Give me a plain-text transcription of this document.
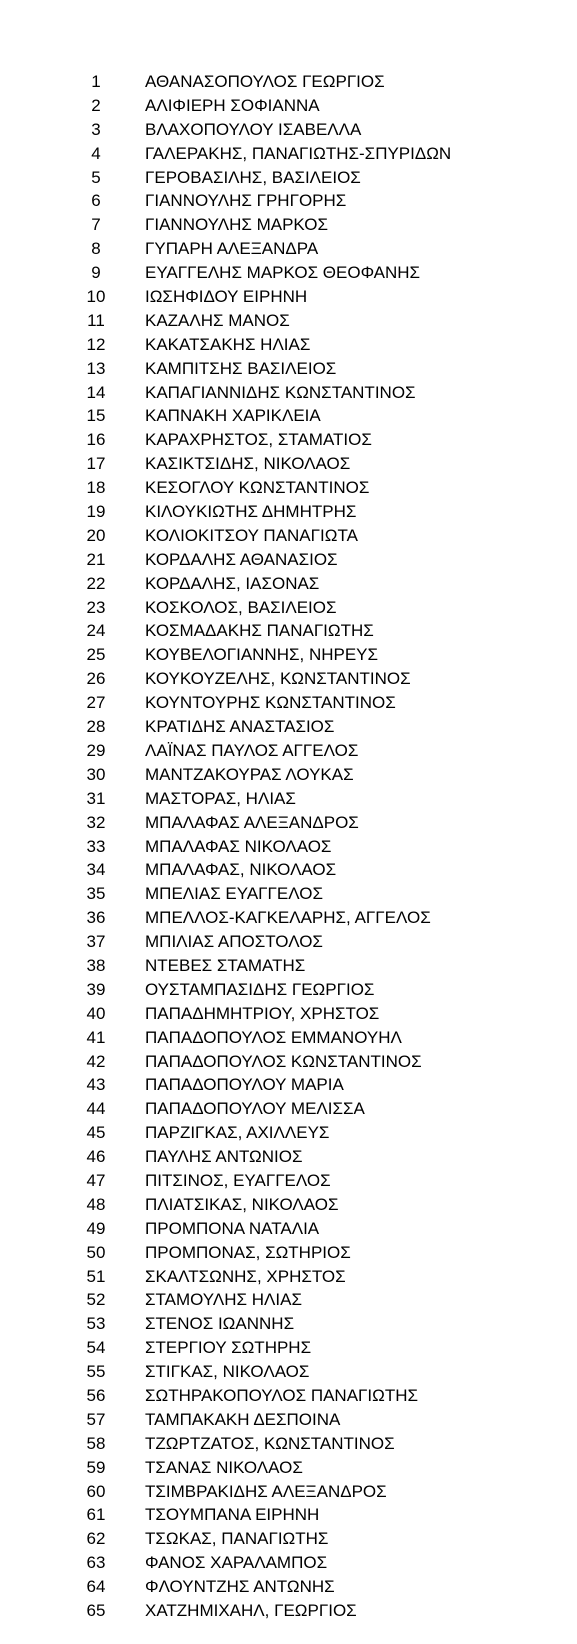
1	ΑΘΑΝΑΣΟΠΟΥΛΟΣ ΓΕΩΡΓΙΟΣ
2	ΑΛΙΦΙΕΡΗ ΣΟΦΙΑΝΝΑ
3	ΒΛΑΧΟΠΟΥΛΟΥ ΙΣΑΒΕΛΛΑ
4	ΓΑΛΕΡΑΚΗΣ, ΠΑΝΑΓΙΩΤΗΣ-ΣΠΥΡΙΔΩΝ
5	ΓΕΡΟΒΑΣΙΛΗΣ, ΒΑΣΙΛΕΙΟΣ
6	ΓΙΑΝΝΟΥΛΗΣ ΓΡΗΓΟΡΗΣ
7	ΓΙΑΝΝΟΥΛΗΣ ΜΑΡΚΟΣ
8	ΓΥΠΑΡΗ ΑΛΕΞΑΝΔΡΑ
9	ΕΥΑΓΓΕΛΗΣ ΜΑΡΚΟΣ ΘΕΟΦΑΝΗΣ
10	ΙΩΣΗΦΙΔΟΥ ΕΙΡΗΝΗ
11	ΚΑΖΑΛΗΣ ΜΑΝΟΣ
12	ΚΑΚΑΤΣΑΚΗΣ ΗΛΙΑΣ
13	ΚΑΜΠΙΤΣΗΣ ΒΑΣΙΛΕΙΟΣ
14	ΚΑΠΑΓΙΑΝΝΙΔΗΣ ΚΩΝΣΤΑΝΤΙΝΟΣ
15	ΚΑΠΝΑΚΗ ΧΑΡΙΚΛΕΙΑ
16	ΚΑΡΑΧΡΗΣΤΟΣ, ΣΤΑΜΑΤΙΟΣ
17	ΚΑΣΙΚΤΣΙΔΗΣ, ΝΙΚΟΛΑΟΣ
18	ΚΕΣΟΓΛΟΥ ΚΩΝΣΤΑΝΤΙΝΟΣ
19	ΚΙΛΟΥΚΙΩΤΗΣ ΔΗΜΗΤΡΗΣ
20	ΚΟΛΙΟΚΙΤΣΟΥ ΠΑΝΑΓΙΩΤΑ
21	ΚΟΡΔΑΛΗΣ ΑΘΑΝΑΣΙΟΣ
22	ΚΟΡΔΑΛΗΣ, ΙΑΣΟΝΑΣ
23	ΚΟΣΚΟΛΟΣ, ΒΑΣΙΛΕΙΟΣ
24	ΚΟΣΜΑΔΑΚΗΣ ΠΑΝΑΓΙΩΤΗΣ
25	ΚΟΥΒΕΛΟΓΙΑΝΝΗΣ, ΝΗΡΕΥΣ
26	ΚΟΥΚΟΥΖΕΛΗΣ, ΚΩΝΣΤΑΝΤΙΝΟΣ
27	ΚΟΥΝΤΟΥΡΗΣ ΚΩΝΣΤΑΝΤΙΝΟΣ
28	ΚΡΑΤΙΔΗΣ ΑΝΑΣΤΑΣΙΟΣ
29	ΛΑΪΝΑΣ ΠΑΥΛΟΣ ΑΓΓΕΛΟΣ
30	ΜΑΝΤΖΑΚΟΥΡΑΣ ΛΟΥΚΑΣ
31	ΜΑΣΤΟΡΑΣ, ΗΛΙΑΣ
32	ΜΠΑΛΑΦΑΣ ΑΛΕΞΑΝΔΡΟΣ
33	ΜΠΑΛΑΦΑΣ ΝΙΚΟΛΑΟΣ
34	ΜΠΑΛΑΦΑΣ, ΝΙΚΟΛΑΟΣ
35	ΜΠΕΛΙΑΣ ΕΥΑΓΓΕΛΟΣ
36	ΜΠΕΛΛΟΣ-ΚΑΓΚΕΛΑΡΗΣ, ΑΓΓΕΛΟΣ
37	ΜΠΙΛΙΑΣ ΑΠΟΣΤΟΛΟΣ
38	ΝΤΕΒΕΣ ΣΤΑΜΑΤΗΣ
39	ΟΥΣΤΑΜΠΑΣΙΔΗΣ ΓΕΩΡΓΙΟΣ
40	ΠΑΠΑΔΗΜΗΤΡΙΟΥ, ΧΡΗΣΤΟΣ
41	ΠΑΠΑΔΟΠΟΥΛΟΣ ΕΜΜΑΝΟΥΗΛ
42	ΠΑΠΑΔΟΠΟΥΛΟΣ ΚΩΝΣΤΑΝΤΙΝΟΣ
43	ΠΑΠΑΔΟΠΟΥΛΟΥ ΜΑΡΙΑ
44	ΠΑΠΑΔΟΠΟΥΛΟΥ ΜΕΛΙΣΣΑ
45	ΠΑΡΖΙΓΚΑΣ, ΑΧΙΛΛΕΥΣ
46	ΠΑΥΛΗΣ ΑΝΤΩΝΙΟΣ
47	ΠΙΤΣΙΝΟΣ, ΕΥΑΓΓΕΛΟΣ
48	ΠΛΙΑΤΣΙΚΑΣ, ΝΙΚΟΛΑΟΣ
49	ΠΡΟΜΠΟΝΑ ΝΑΤΑΛΙΑ
50	ΠΡΟΜΠΟΝΑΣ, ΣΩΤΗΡΙΟΣ
51	ΣΚΑΛΤΣΩΝΗΣ, ΧΡΗΣΤΟΣ
52	ΣΤΑΜΟΥΛΗΣ ΗΛΙΑΣ
53	ΣΤΕΝΟΣ ΙΩΑΝΝΗΣ
54	ΣΤΕΡΓΙΟΥ ΣΩΤΗΡΗΣ
55	ΣΤΙΓΚΑΣ, ΝΙΚΟΛΑΟΣ
56	ΣΩΤΗΡΑΚΟΠΟΥΛΟΣ ΠΑΝΑΓΙΩΤΗΣ
57	ΤΑΜΠΑΚΑΚΗ ΔΕΣΠΟΙΝΑ
58	ΤΖΩΡΤΖΑΤΟΣ, ΚΩΝΣΤΑΝΤΙΝΟΣ
59	ΤΣΑΝΑΣ ΝΙΚΟΛΑΟΣ
60	ΤΣΙΜΒΡΑΚΙΔΗΣ ΑΛΕΞΑΝΔΡΟΣ
61	ΤΣΟΥΜΠΑΝΑ ΕΙΡΗΝΗ
62	ΤΣΩΚΑΣ, ΠΑΝΑΓΙΩΤΗΣ
63	ΦΑΝΟΣ ΧΑΡΑΛΑΜΠΟΣ
64	ΦΛΟΥΝΤΖΗΣ ΑΝΤΩΝΗΣ
65	ΧΑΤΖΗΜΙΧΑΗΛ, ΓΕΩΡΓΙΟΣ
